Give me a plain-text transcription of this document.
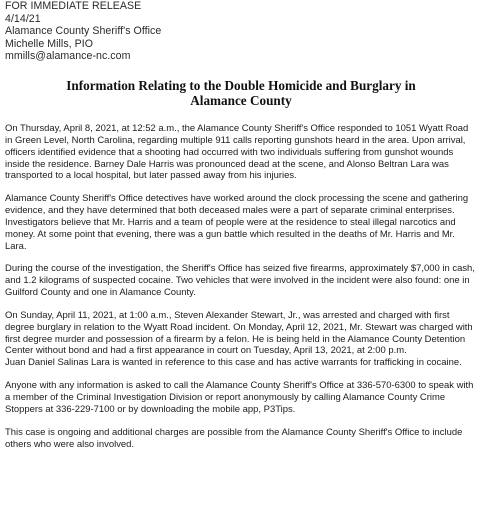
FOR IMMEDIATE RELEASE
4/14/21
Alamance County Sheriff's Office
Michelle Mills, PIO
mmills@alamance-nc.com
Information Relating to the Double Homicide and Burglary in
Alamance County

On Thursday, April 8, 2021, at 12:52 a.m., the Alamance County Sheriff's Office responded to 1051 Wyatt Road in Green Level, North Carolina, regarding multiple 911 calls reporting gunshots heard in the area. Upon arrival, officers identified evidence that a shooting had occurred with two individuals suffering from gunshot wounds inside the residence. Barney Dale Harris was pronounced dead at the scene, and Alonso Beltran Lara was transported to a local hospital, but later passed away from his injuries.

Alamance County Sheriff's Office detectives have worked around the clock processing the scene and gathering evidence, and they have determined that both deceased males were a part of separate criminal enterprises. Investigators believe that Mr. Harris and a team of people were at the residence to steal illegal narcotics and money. At some point that evening, there was a gun battle which resulted in the deaths of Mr. Harris and Mr. Lara.

During the course of the investigation, the Sheriff's Office has seized five firearms, approximately $7,000 in cash, and 1.2 kilograms of suspected cocaine. Two vehicles that were involved in the incident were also found: one in Guilford County and one in Alamance County.

On Sunday, April 11, 2021, at 1:00 a.m., Steven Alexander Stewart, Jr., was arrested and charged with first degree burglary in relation to the Wyatt Road incident. On Monday, April 12, 2021, Mr. Stewart was charged with first degree murder and possession of a firearm by a felon. He is being held in the Alamance County Detention Center without bond and had a first appearance in court on Tuesday, April 13, 2021, at 2:00 p.m.

Juan Daniel Salinas Lara is wanted in reference to this case and has active warrants for trafficking in cocaine.

Anyone with any information is asked to call the Alamance County Sheriff's Office at 336-570-6300 to speak with a member of the Criminal Investigation Division or report anonymously by calling Alamance County Crime Stoppers at 336-229-7100 or by downloading the mobile app, P3Tips.

This case is ongoing and additional charges are possible from the Alamance County Sheriff's Office to include others who were also involved.
